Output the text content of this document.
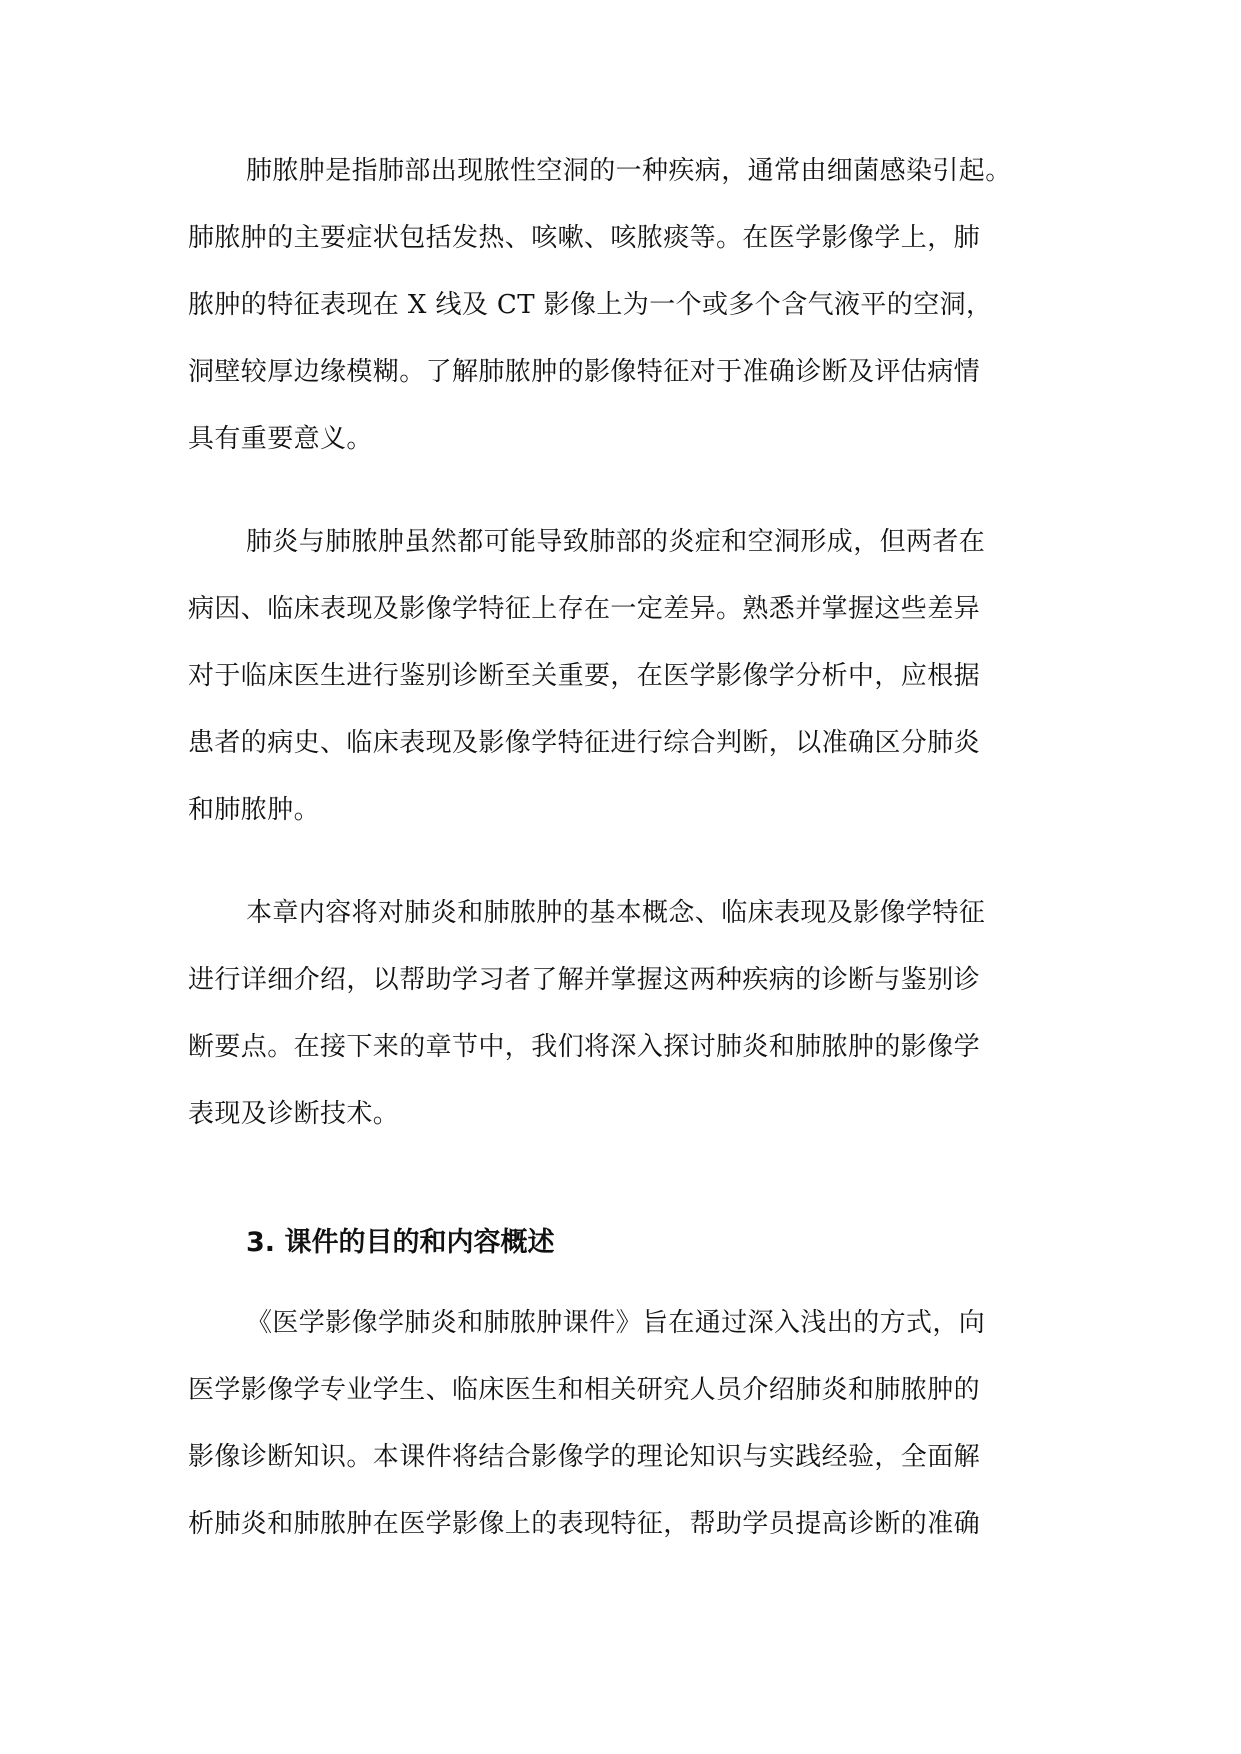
肺脓肿是指肺部出现脓性空洞的一种疾病，通常由细菌感染引起。
肺脓肿的主要症状包括发热、咳嗽、咳脓痰等。在医学影像学上，肺
脓肿的特征表现在 X 线及 CT 影像上为一个或多个含气液平的空洞，
洞壁较厚边缘模糊。了解肺脓肿的影像特征对于准确诊断及评估病情
具有重要意义。
肺炎与肺脓肿虽然都可能导致肺部的炎症和空洞形成，但两者在
病因、临床表现及影像学特征上存在一定差异。熟悉并掌握这些差异
对于临床医生进行鉴别诊断至关重要，在医学影像学分析中，应根据
患者的病史、临床表现及影像学特征进行综合判断，以准确区分肺炎
和肺脓肿。
本章内容将对肺炎和肺脓肿的基本概念、临床表现及影像学特征
进行详细介绍，以帮助学习者了解并掌握这两种疾病的诊断与鉴别诊
断要点。在接下来的章节中，我们将深入探讨肺炎和肺脓肿的影像学
表现及诊断技术。
3. 课件的目的和内容概述
《医学影像学肺炎和肺脓肿课件》旨在通过深入浅出的方式，向
医学影像学专业学生、临床医生和相关研究人员介绍肺炎和肺脓肿的
影像诊断知识。本课件将结合影像学的理论知识与实践经验，全面解
析肺炎和肺脓肿在医学影像上的表现特征，帮助学员提高诊断的准确
